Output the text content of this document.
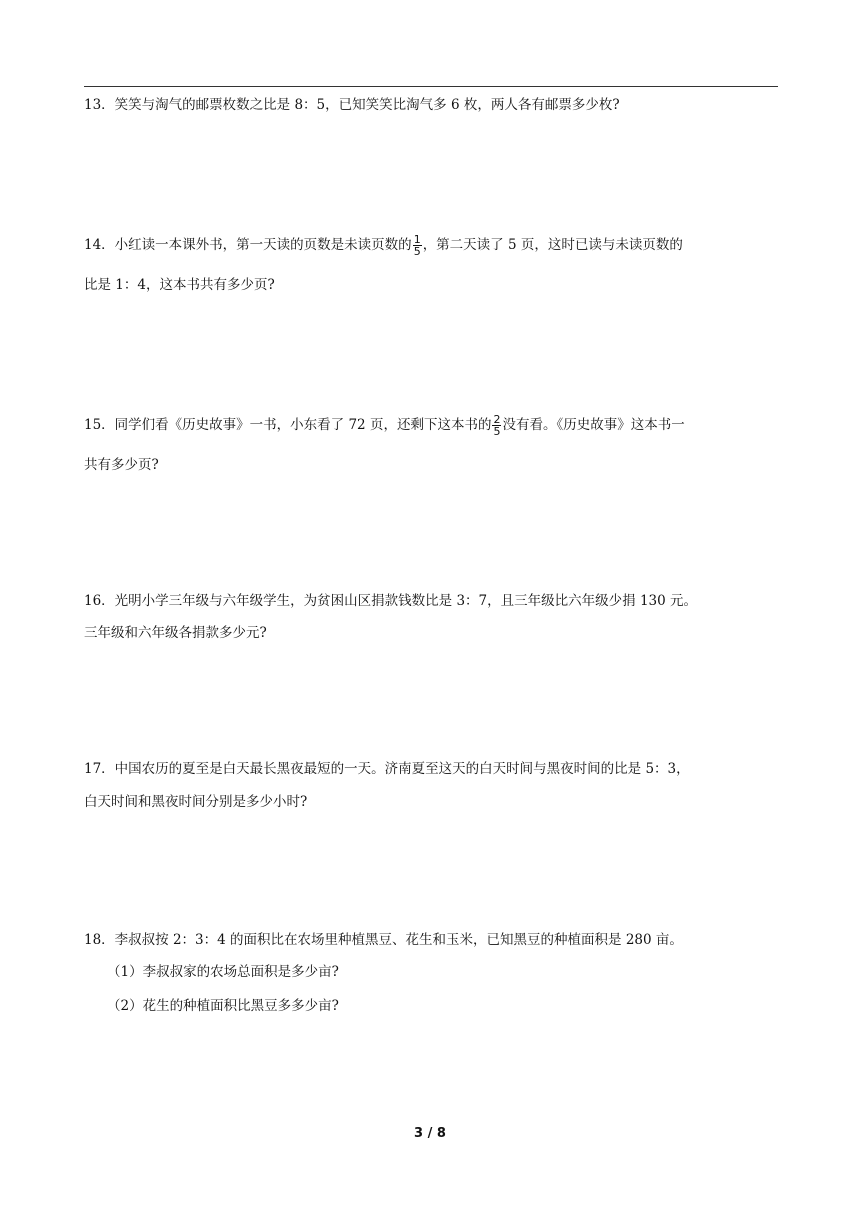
13．笑笑与淘气的邮票枚数之比是 8：5，已知笑笑比淘气多 6 枚，两人各有邮票多少枚?
14．小红读一本课外书，第一天读的页数是未读页数的 $\frac{1}{5}$ ，第二天读了 5 页，这时已读与未读页数的
比是 1：4，这本书共有多少页?
15．同学们看《历史故事》一书，小东看了 72 页，还剩下这本书的 $\frac{2}{5}$ 没有看。《历史故事》这本书一
共有多少页?
16．光明小学三年级与六年级学生，为贫困山区捐款钱数比是 3：7，且三年级比六年级少捐 130 元。
三年级和六年级各捐款多少元?
17．中国农历的夏至是白天最长黑夜最短的一天。济南夏至这天的白天时间与黑夜时间的比是 5：3，
白天时间和黑夜时间分别是多少小时?
18．李叔叔按 2：3：4 的面积比在农场里种植黑豆、花生和玉米，已知黑豆的种植面积是 280 亩。
（1）李叔叔家的农场总面积是多少亩?
（2）花生的种植面积比黑豆多多少亩?
3 / 8
